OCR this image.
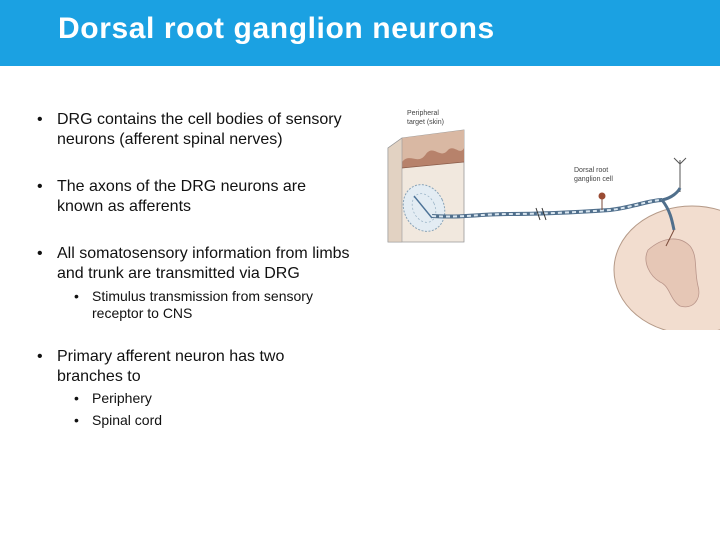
Dorsal root ganglion neurons
• DRG contains the cell bodies of sensory
neurons (afferent spinal nerves)
• The axons of the DRG neurons are
known as afferents
• All somatosensory information from limbs
and trunk are transmitted via DRG
• Stimulus transmission from sensory
receptor to CNS
• Primary afferent neuron has two
branches to
• Periphery
• Spinal cord
Peripheral
target (skin)
Dorsal root
ganglion cell
